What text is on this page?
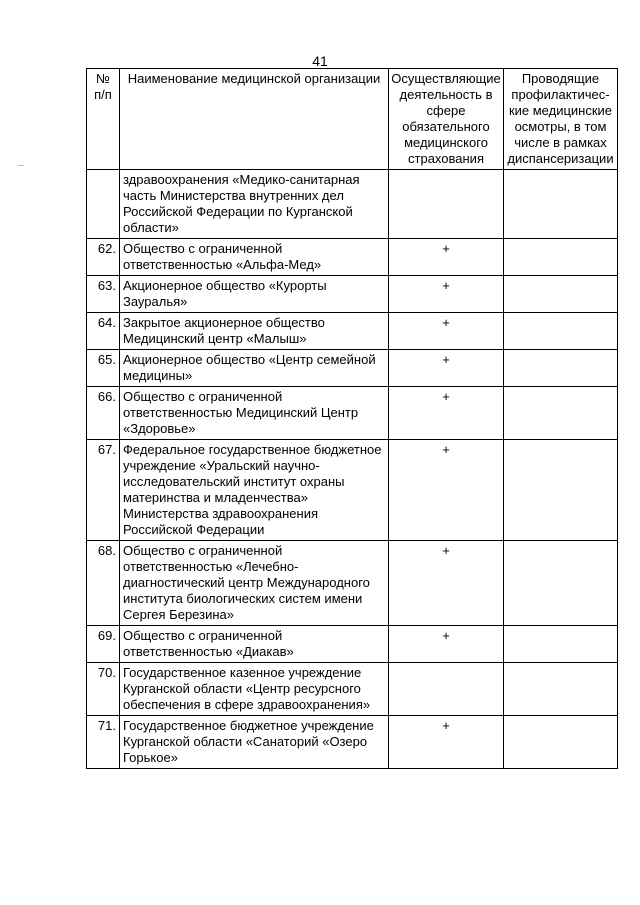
41
--
№ п/п	Наименование медицинской организации	Осуществляющие деятельность в сфере обязательного медицинского страхования	Проводящие профилактичес-кие медицинские осмотры, в том числе в рамках диспансеризации
	здравоохранения «Медико-санитарная часть Министерства внутренних дел Российской Федерации по Курганской области»		
62.	Общество с ограниченной ответственностью «Альфа-Мед»	+	
63.	Акционерное общество «Курорты Зауралья»	+	
64.	Закрытое акционерное общество Медицинский центр «Малыш»	+	
65.	Акционерное общество «Центр семейной медицины»	+	
66.	Общество с ограниченной ответственностью Медицинский Центр «Здоровье»	+	
67.	Федеральное государственное бюджетное учреждение «Уральский научно-исследовательский институт охраны материнства и младенчества» Министерства здравоохранения Российской Федерации	+	
68.	Общество с ограниченной ответственностью «Лечебно-диагностический центр Международного института биологических систем имени Сергея Березина»	+	
69.	Общество с ограниченной ответственностью «Диакав»	+	
70.	Государственное казенное учреждение Курганской области «Центр ресурсного обеспечения в сфере здравоохранения»		
71.	Государственное бюджетное учреждение Курганской области «Санаторий «Озеро Горькое»	+	
